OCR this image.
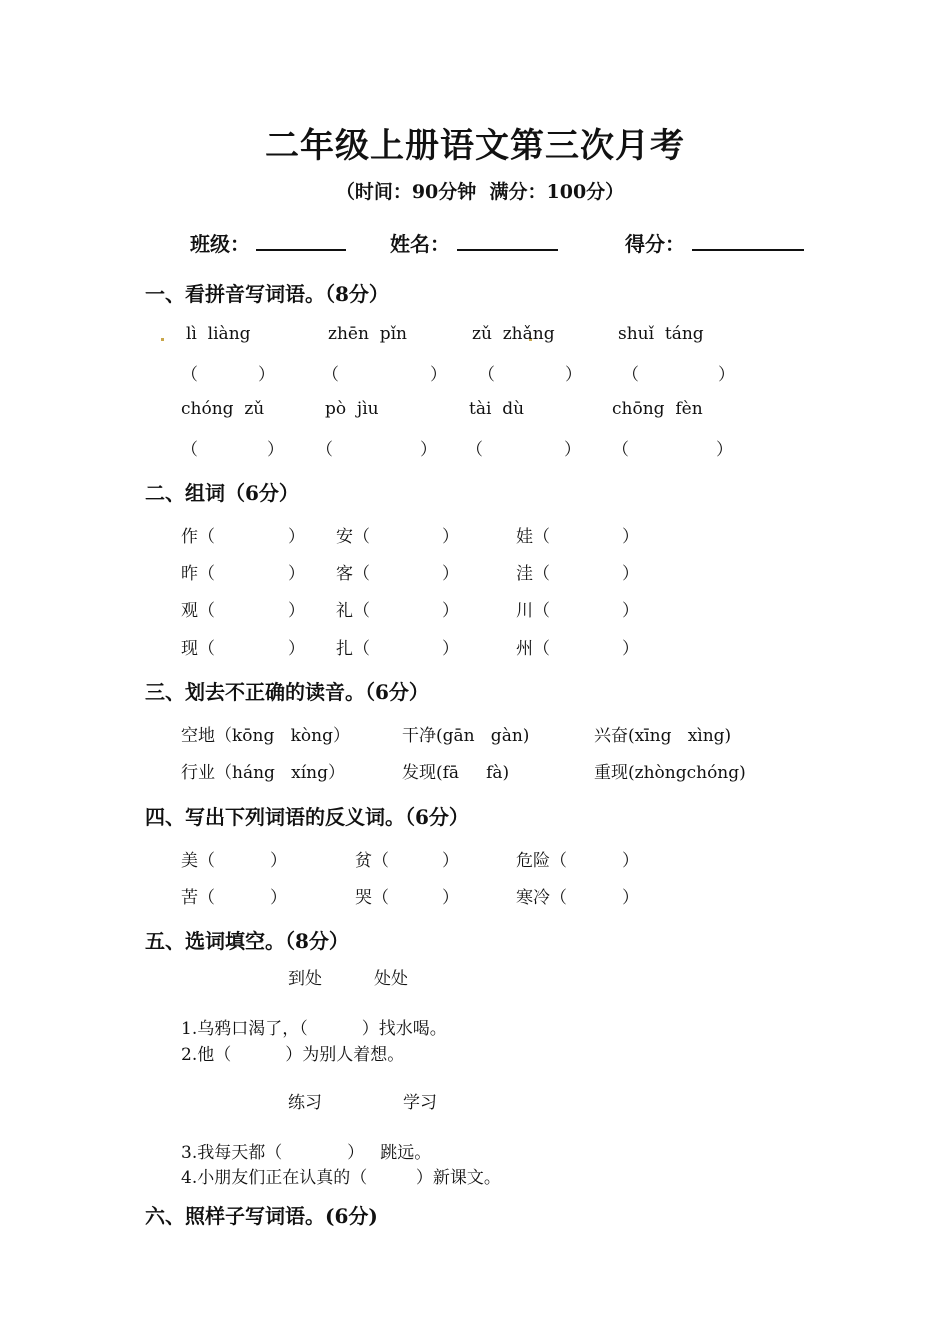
二年级上册语文第三次月考
（时间：90分钟  满分：100分）
班级：	姓名：	得分：
一、看拼音写词语。（8分）
lì  liàng	zhēn  pǐn	zǔ  zhǎng	shuǐ  táng
（	）	（	） （	） （	）
chóng  zǔ	pò  jìu	tài  dù	chōng  fèn
（	） （	） （	） （	）
二、组词（6分）
作（	） 安（	）	娃（	）
昨（	） 客（	）	洼（	）
观（	） 礼（	）	川（	）
现（	） 扎（	）	州（	）
三、划去不正确的读音。（6分）
空地（kōng   kòng）	干净(gān   gàn)	兴奋(xīng   xìng)
行业（háng   xíng）	发现(fā     fà)	重现(zhòngchóng)
四、写出下列词语的反义词。（6分）
美（	）	贫（	）	危险（	）
苦（	）	哭（	）	寒冷（	）
五、选词填空。（8分）
到处	处处
1.乌鸦口渴了，（          ）找水喝。
2.他（          ）为别人着想。
练习	学习
3.我每天都（            ）   跳远。
4.小朋友们正在认真的（         ）新课文。
六、照样子写词语。(6分)
